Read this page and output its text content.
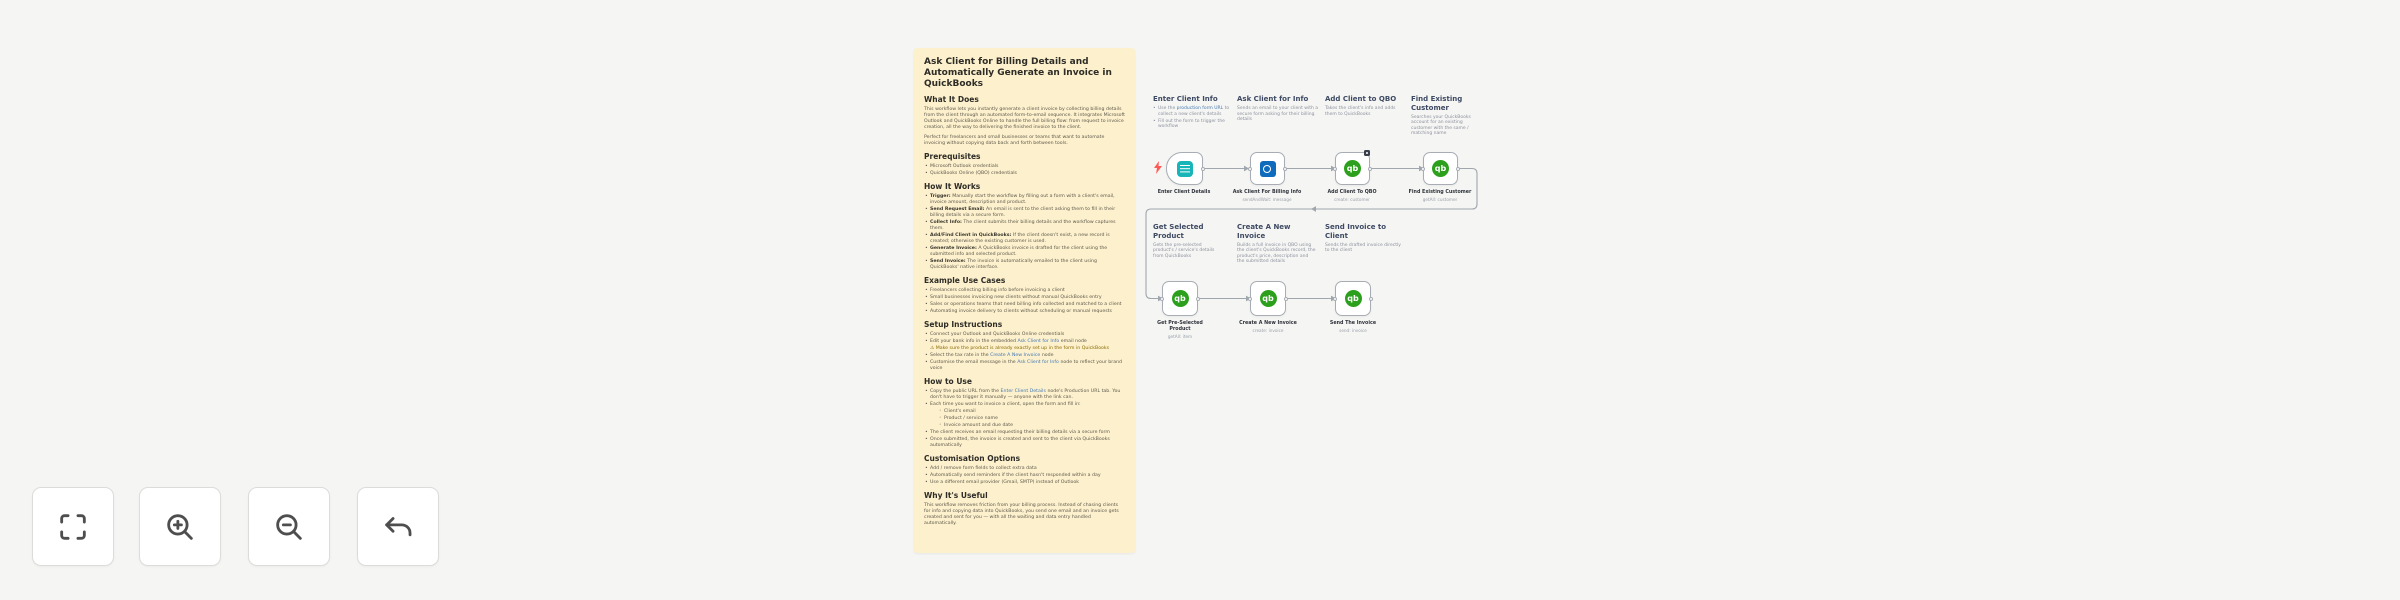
Ask Client for Billing Details and Automatically Generate an Invoice in QuickBooks
What It Does

This workflow lets you instantly generate a client invoice by collecting billing details from the client through an automated form-to-email sequence. It integrates Microsoft Outlook and QuickBooks Online to handle the full billing flow: from request to invoice creation, all the way to delivering the finished invoice to the client.

Perfect for freelancers and small businesses or teams that want to automate invoicing without copying data back and forth between tools.

Prerequisites
• Microsoft Outlook credentials
• QuickBooks Online (QBO) credentials
How It Works
• Trigger: Manually start the workflow by filling out a form with a client's email, invoice amount, description and product.
• Send Request Email: An email is sent to the client asking them to fill in their billing details via a secure form.
• Collect Info: The client submits their billing details and the workflow captures them.
• Add/Find Client in QuickBooks: If the client doesn't exist, a new record is created; otherwise the existing customer is used.
• Generate Invoice: A QuickBooks invoice is drafted for the client using the submitted info and selected product.
• Send Invoice: The invoice is automatically emailed to the client using QuickBooks' native interface.
Example Use Cases
• Freelancers collecting billing info before invoicing a client
• Small businesses invoicing new clients without manual QuickBooks entry
• Sales or operations teams that need billing info collected and matched to a client
• Automating invoice delivery to clients without scheduling or manual requests
Setup Instructions
• Connect your Outlook and QuickBooks Online credentials
• Edit your bank info in the embedded Ask Client for Info email node
⚠ Make sure the product is already exactly set up in the form in QuickBooks
• Select the tax rate in the Create A New Invoice node
• Customise the email message in the Ask Client for Info node to reflect your brand voice
How to Use
• Copy the public URL from the Enter Client Details node's Production URL tab. You don't have to trigger it manually — anyone with the link can.
• Each time you want to invoice a client, open the form and fill in:
◦ Client's email
◦ Product / service name
◦ Invoice amount and due date
• The client receives an email requesting their billing details via a secure form
• Once submitted, the invoice is created and sent to the client via QuickBooks automatically
Customisation Options
• Add / remove form fields to collect extra data
• Automatically send reminders if the client hasn't responded within a day
• Use a different email provider (Gmail, SMTP) instead of Outlook
Why It's Useful

This workflow removes friction from your billing process. Instead of chasing clients for info and copying data into QuickBooks, you send one email and an invoice gets created and sent for you — with all the waiting and data entry handled automatically.

Enter Client Info
• Use the production form URL to collect a new client's details
• Fill out the form to trigger the workflow
Ask Client for Info
Sends an email to your client with a secure form asking for their billing details
Add Client to QBO
Takes the client's info and adds them to QuickBooks
Find Existing Customer
Searches your QuickBooks account for an existing customer with the same / matching name
Get Selected Product
Gets the pre-selected product's / service's details from QuickBooks
Create A New Invoice
Builds a full invoice in QBO using the client's QuickBooks record, the product's price, description and the submitted details
Send Invoice to Client
Sends the drafted invoice directly to the client
Enter Client Details	Ask Client For Billing Info
sendAndWait: message
qb
Add Client To QBO
create: customer
qb
Find Existing Customer
getAll: customer
qb
Get Pre-Selected Product
getAll: item
qb
Create A New Invoice
create: invoice
qb
Send The Invoice
send: invoice
